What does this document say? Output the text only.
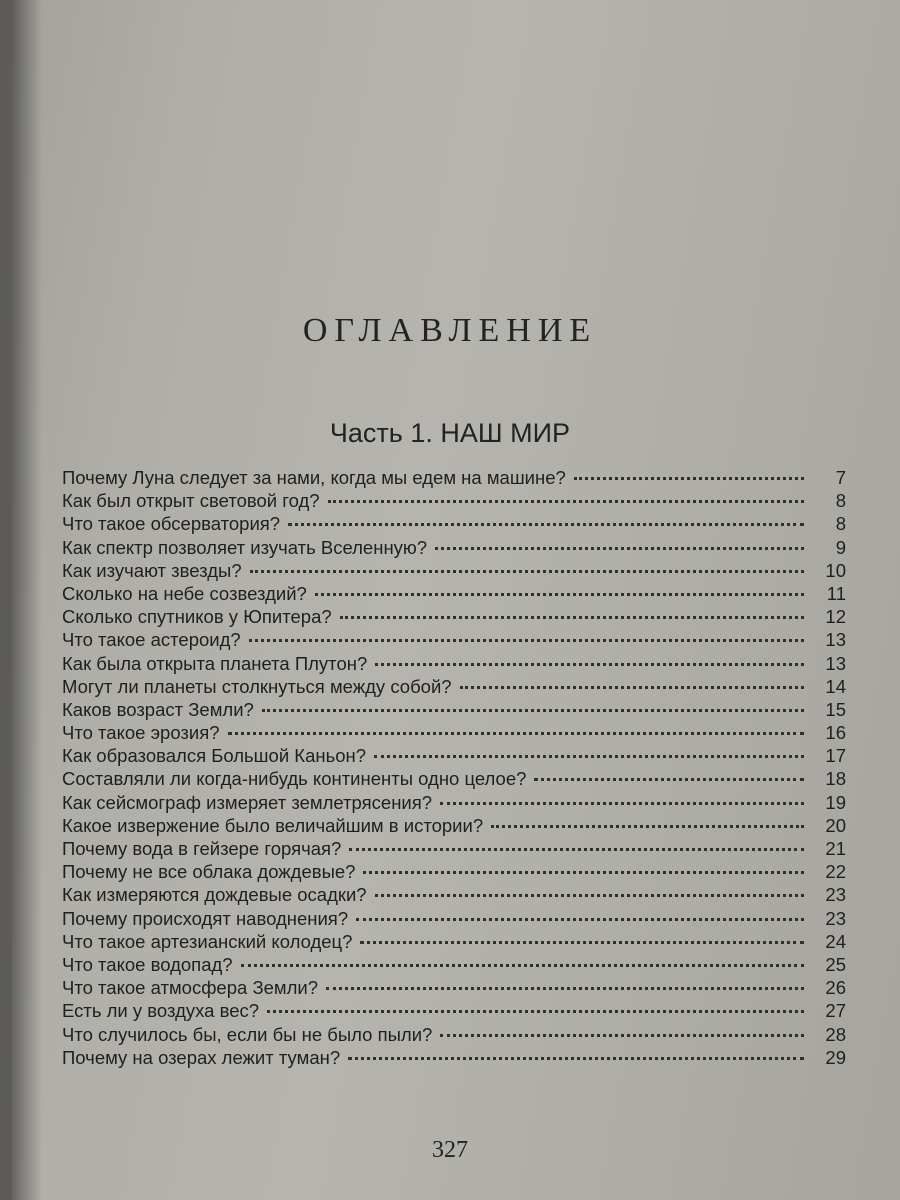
ОГЛАВЛЕНИЕ
Часть 1. НАШ МИР
Почему Луна следует за нами, когда мы едем на машине?	7
Как был открыт световой год?	8
Что такое обсерватория?	8
Как спектр позволяет изучать Вселенную?	9
Как изучают звезды?	10
Сколько на небе созвездий?	11
Сколько спутников у Юпитера?	12
Что такое астероид?	13
Как была открыта планета Плутон?	13
Могут ли планеты столкнуться между собой?	14
Каков возраст Земли?	15
Что такое эрозия?	16
Как образовался Большой Каньон?	17
Составляли ли когда-нибудь континенты одно целое?	18
Как сейсмограф измеряет землетрясения?	19
Какое извержение было величайшим в истории?	20
Почему вода в гейзере горячая?	21
Почему не все облака дождевые?	22
Как измеряются дождевые осадки?	23
Почему происходят наводнения?	23
Что такое артезианский колодец?	24
Что такое водопад?	25
Что такое атмосфера Земли?	26
Есть ли у воздуха вес?	27
Что случилось бы, если бы не было пыли?	28
Почему на озерах лежит туман?	29
327
